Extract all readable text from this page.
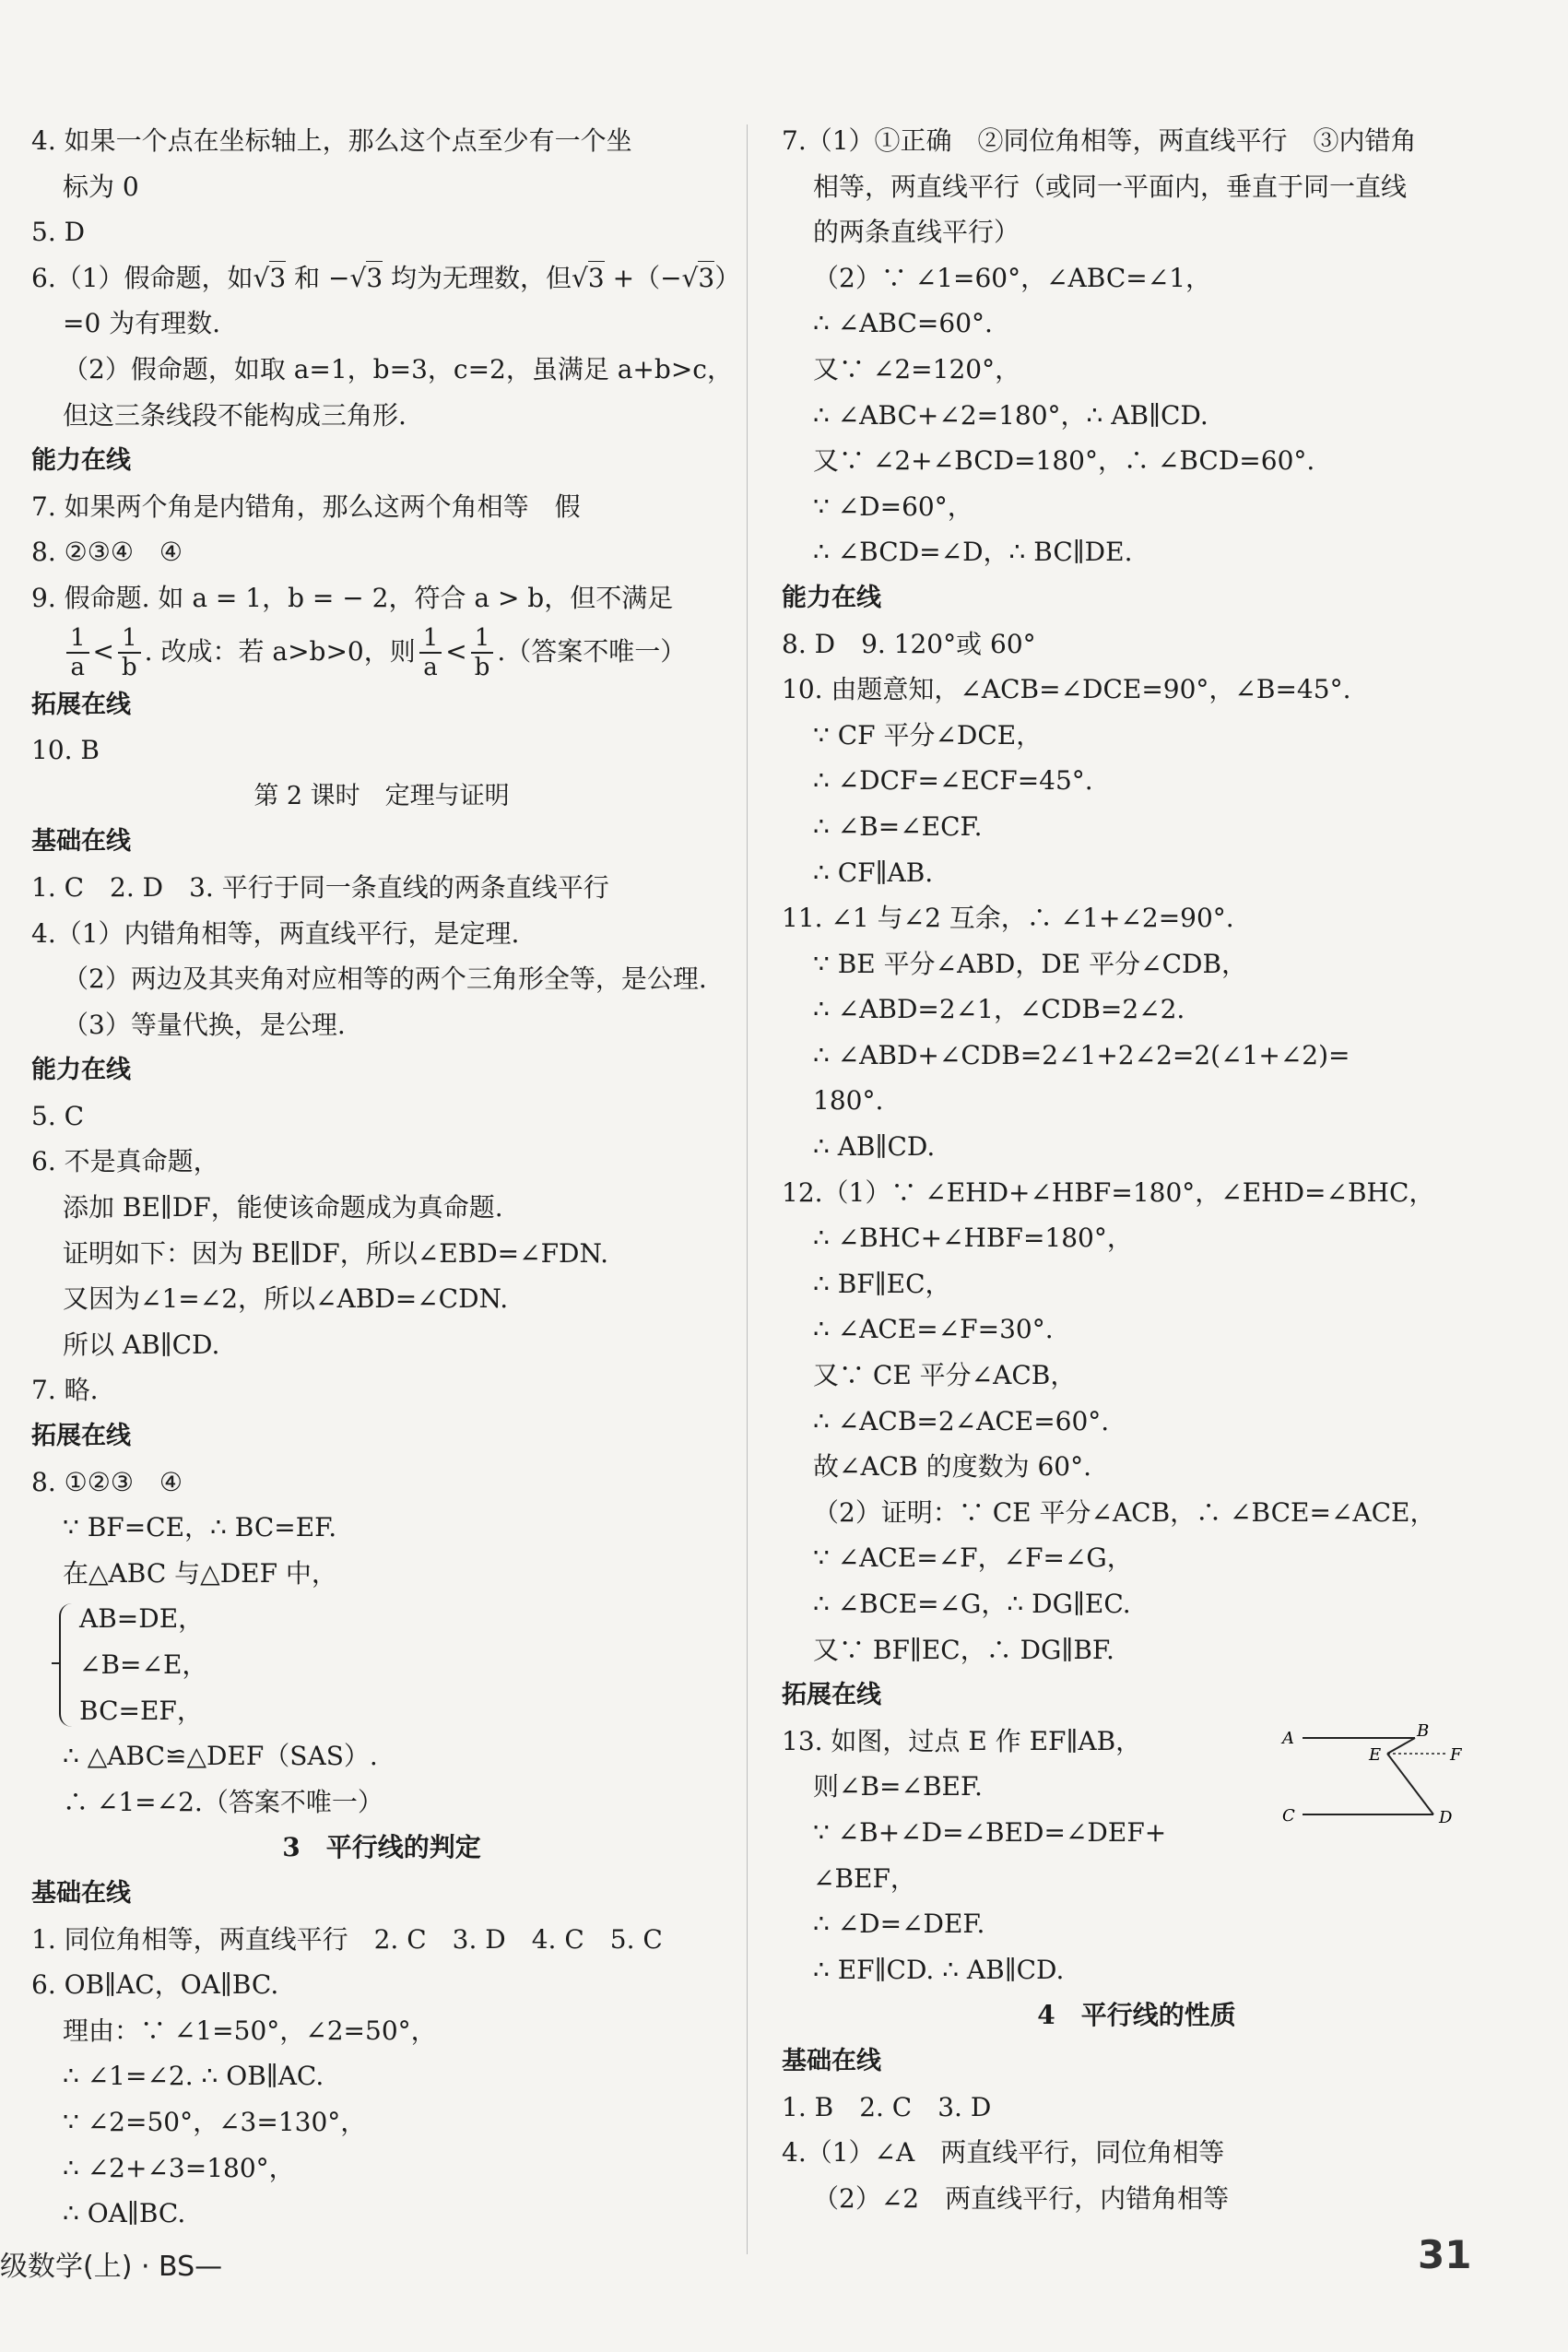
4. 如果一个点在坐标轴上，那么这个点至少有一个坐
标为 0
5. D
6.（1）假命题，如√3 和 −√3 均为无理数，但√3 +（−√3）
=0 为有理数.
（2）假命题，如取 a=1，b=3，c=2，虽满足 a+b>c，
但这三条线段不能构成三角形.
能力在线
7. 如果两个角是内错角，那么这两个角相等　假
8. ②③④　④
9. 假命题. 如 a = 1，b = − 2，符合 a > b，但不满足
$\frac{1}{a} < \frac{1}{b}$ . 改成：若 a>b>0，则 $\frac{1}{a} < \frac{1}{b}$ .（答案不唯一）
拓展在线
10. B
第 2 课时　定理与证明
基础在线
1. C　2. D　3. 平行于同一条直线的两条直线平行
4.（1）内错角相等，两直线平行，是定理.
（2）两边及其夹角对应相等的两个三角形全等，是公理.
（3）等量代换，是公理.
能力在线
5. C
6. 不是真命题，
添加 BE∥DF，能使该命题成为真命题.
证明如下：因为 BE∥DF，所以∠EBD=∠FDN.
又因为∠1=∠2，所以∠ABD=∠CDN.
所以 AB∥CD.
7. 略.
拓展在线
8. ①②③　④
∵ BF=CE，∴ BC=EF.
在△ABC 与△DEF 中，
AB=DE，
∠B=∠E，
BC=EF，
∴ △ABC≌△DEF（SAS）.
∴ ∠1=∠2.（答案不唯一）
3　平行线的判定
基础在线
1. 同位角相等，两直线平行　2. C　3. D　4. C　5. C
6. OB∥AC，OA∥BC.
理由：∵ ∠1=50°，∠2=50°，
∴ ∠1=∠2. ∴ OB∥AC.
∵ ∠2=50°，∠3=130°，
∴ ∠2+∠3=180°，
∴ OA∥BC.
7.（1）①正确　②同位角相等，两直线平行　③内错角
相等，两直线平行（或同一平面内，垂直于同一直线
的两条直线平行）
（2）∵ ∠1=60°，∠ABC=∠1，
∴ ∠ABC=60°.
又∵ ∠2=120°，
∴ ∠ABC+∠2=180°，∴ AB∥CD.
又∵ ∠2+∠BCD=180°，∴ ∠BCD=60°.
∵ ∠D=60°，
∴ ∠BCD=∠D，∴ BC∥DE.
能力在线
8. D　9. 120°或 60°
10. 由题意知，∠ACB=∠DCE=90°，∠B=45°.
∵ CF 平分∠DCE，
∴ ∠DCF=∠ECF=45°.
∴ ∠B=∠ECF.
∴ CF∥AB.
11. ∠1 与∠2 互余，∴ ∠1+∠2=90°.
∵ BE 平分∠ABD，DE 平分∠CDB，
∴ ∠ABD=2∠1，∠CDB=2∠2.
∴ ∠ABD+∠CDB=2∠1+2∠2=2(∠1+∠2)=
180°.
∴ AB∥CD.
12.（1）∵ ∠EHD+∠HBF=180°，∠EHD=∠BHC，
∴ ∠BHC+∠HBF=180°，
∴ BF∥EC，
∴ ∠ACE=∠F=30°.
又∵ CE 平分∠ACB，
∴ ∠ACB=2∠ACE=60°.
故∠ACB 的度数为 60°.
（2）证明：∵ CE 平分∠ACB，∴ ∠BCE=∠ACE，
∵ ∠ACE=∠F，∠F=∠G，
∴ ∠BCE=∠G，∴ DG∥EC.
又∵ BF∥EC，∴ DG∥BF.
拓展在线
13. 如图，过点 E 作 EF∥AB，
则∠B=∠BEF.
∵ ∠B+∠D=∠BED=∠DEF+
∠BEF，
∴ ∠D=∠DEF.
∴ EF∥CD. ∴ AB∥CD.
4　平行线的性质
基础在线
1. B　2. C　3. D
4.（1）∠A　两直线平行，同位角相等
（2）∠2　两直线平行，内错角相等
A	B
E	F
C	D
级数学(上) · BS—	31
